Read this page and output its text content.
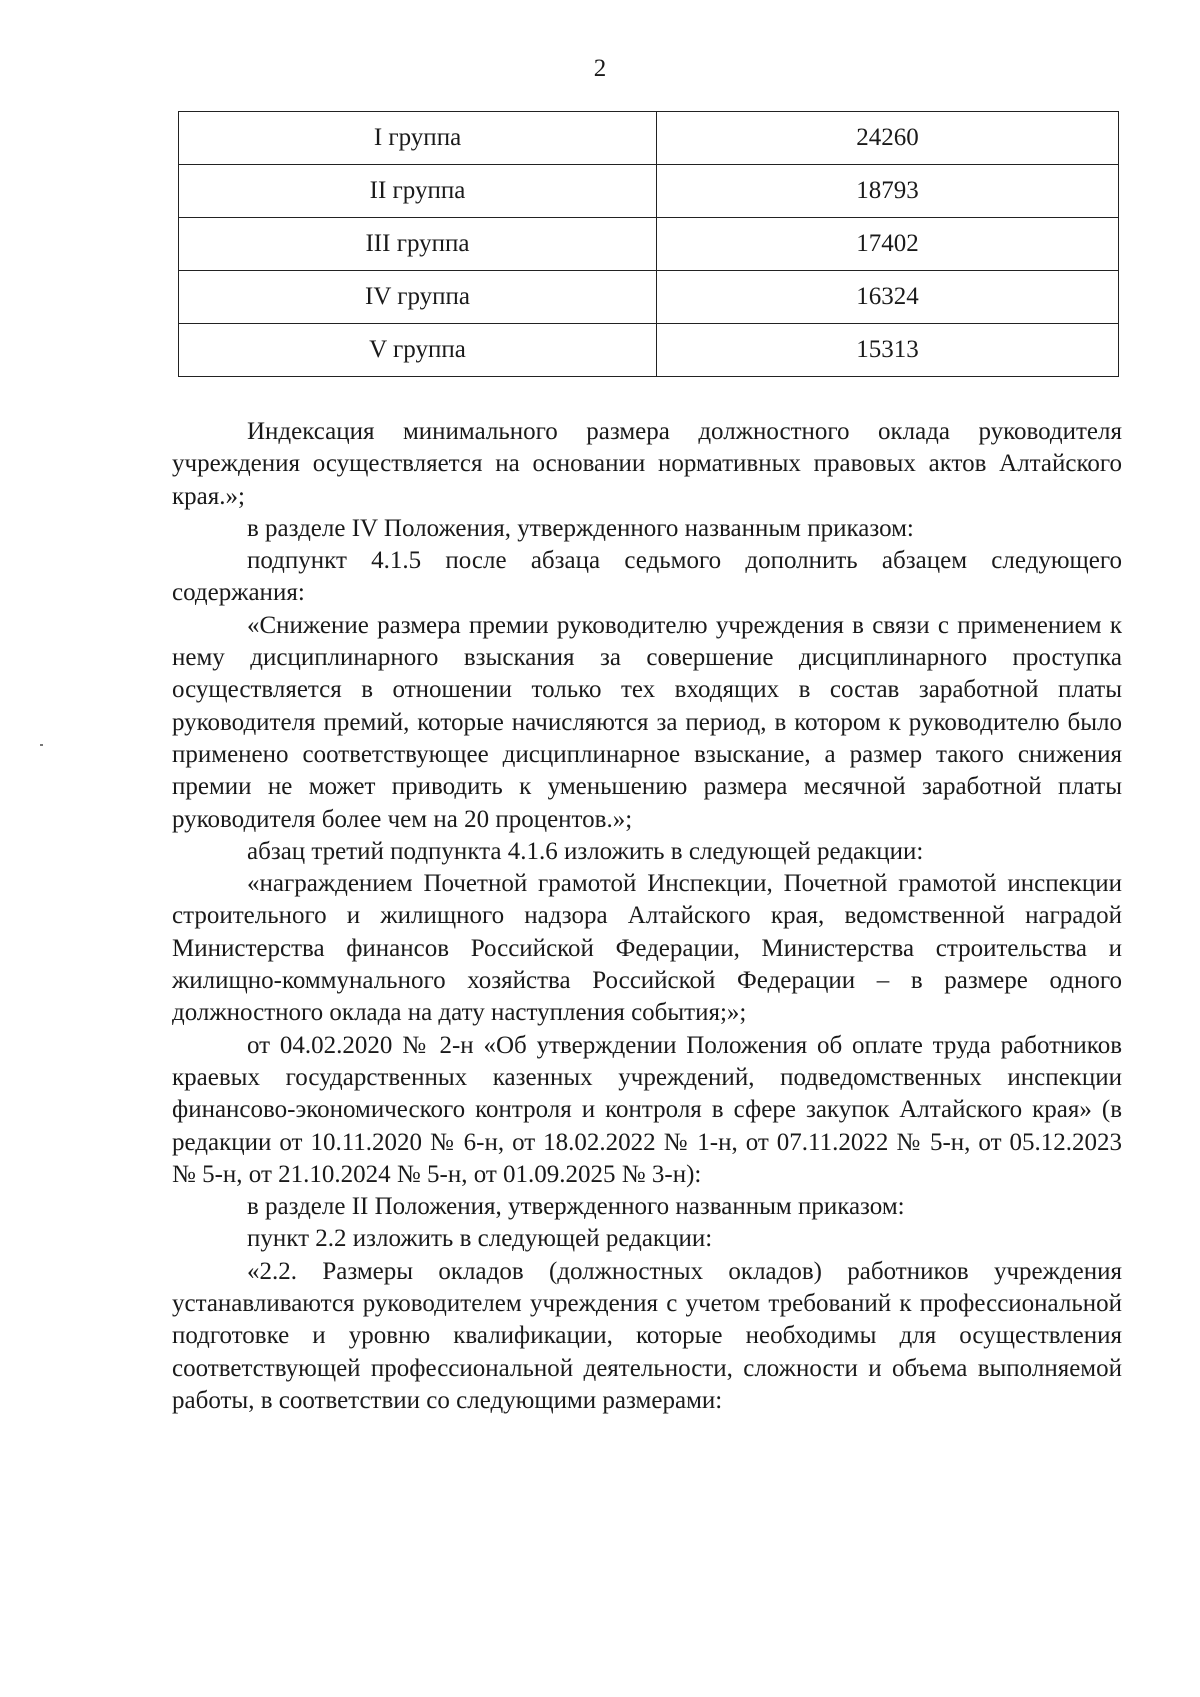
2
I группа	24260
II группа	18793
III группа	17402
IV группа	16324
V группа	15313

Индексация минимального размера должностного оклада руководителя учреждения осуществляется на основании нормативных правовых актов Алтайского края.»;

в разделе IV Положения, утвержденного названным приказом:

подпункт 4.1.5 после абзаца седьмого дополнить абзацем следующего содержания:

«Снижение размера премии руководителю учреждения в связи с применением к нему дисциплинарного взыскания за совершение дисциплинарного проступка осуществляется в отношении только тех входящих в состав заработной платы руководителя премий, которые начисляются за период, в котором к руководителю было применено соответствующее дисциплинарное взыскание, а размер такого снижения премии не может приводить к уменьшению размера месячной заработной платы руководителя более чем на 20 процентов.»;

абзац третий подпункта 4.1.6 изложить в следующей редакции:

«награждением Почетной грамотой Инспекции, Почетной грамотой инспекции строительного и жилищного надзора Алтайского края, ведомственной наградой Министерства финансов Российской Федерации, Министерства строительства и жилищно-коммунального хозяйства Российской Федерации – в размере одного должностного оклада на дату наступления события;»;

от 04.02.2020 № 2-н «Об утверждении Положения об оплате труда работников краевых государственных казенных учреждений, подведомственных инспекции финансово-экономического контроля и контроля в сфере закупок Алтайского края» (в редакции от 10.11.2020 № 6-н, от 18.02.2022 № 1-н, от 07.11.2022 № 5-н, от 05.12.2023 № 5-н, от 21.10.2024 № 5-н, от 01.09.2025 № 3-н):

в разделе II Положения, утвержденного названным приказом:

пункт 2.2 изложить в следующей редакции:

«2.2. Размеры окладов (должностных окладов) работников учреждения устанавливаются руководителем учреждения с учетом требований к профессиональной подготовке и уровню квалификации, которые необходимы для осуществления соответствующей профессиональной деятельности, сложности и объема выполняемой работы, в соответствии со следующими размерами:
